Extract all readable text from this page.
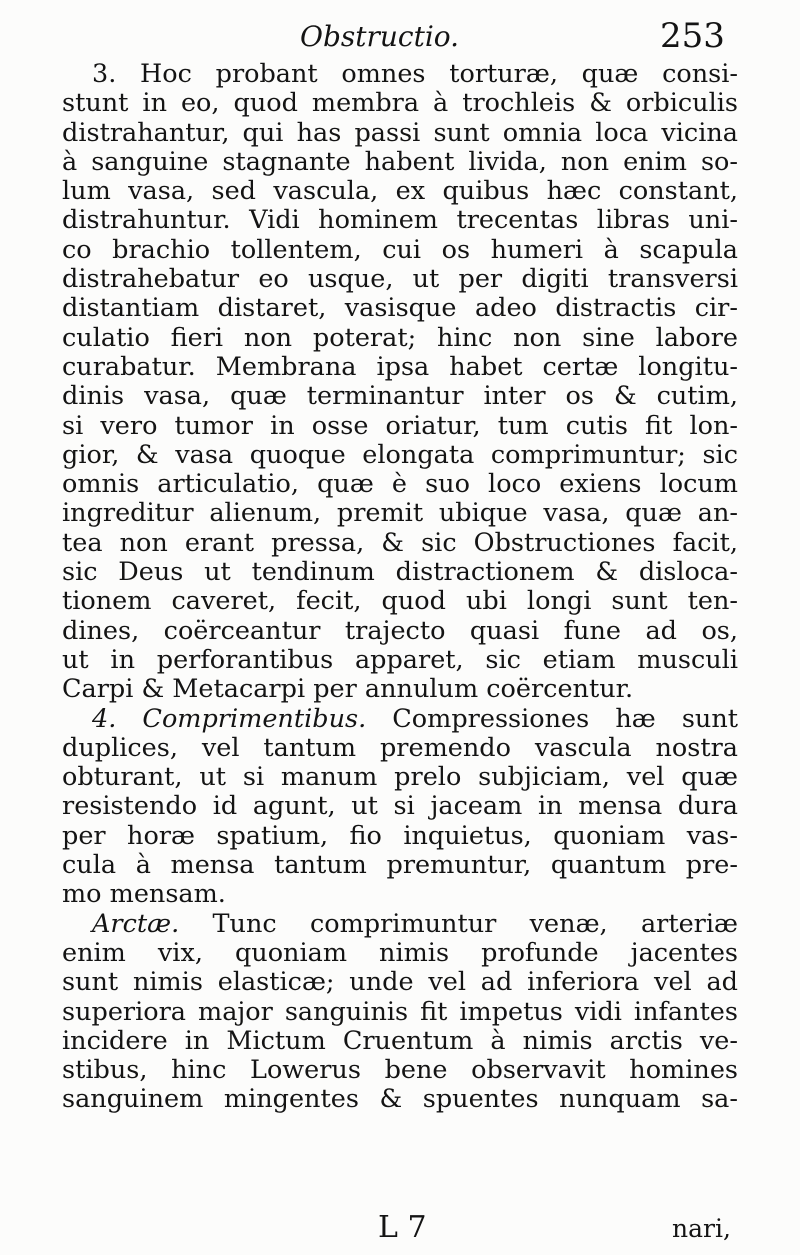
Obstructio.	253
3. Hoc probant omnes torturæ, quæ consi-
stunt in eo, quod membra à trochleis & orbiculis
distrahantur, qui has passi sunt omnia loca vicina
à sanguine stagnante habent livida, non enim so-
lum vasa, sed vascula, ex quibus hæc constant,
distrahuntur. Vidi hominem trecentas libras uni-
co brachio tollentem, cui os humeri à scapula
distrahebatur eo usque, ut per digiti transversi
distantiam distaret, vasisque adeo distractis cir-
culatio fieri non poterat; hinc non sine labore
curabatur. Membrana ipsa habet certæ longitu-
dinis vasa, quæ terminantur inter os & cutim,
si vero tumor in osse oriatur, tum cutis fit lon-
gior, & vasa quoque elongata comprimuntur; sic
omnis articulatio, quæ è suo loco exiens locum
ingreditur alienum, premit ubique vasa, quæ an-
tea non erant pressa, & sic Obstructiones facit,
sic Deus ut tendinum distractionem & disloca-
tionem caveret, fecit, quod ubi longi sunt ten-
dines, coërceantur trajecto quasi fune ad os,
ut in perforantibus apparet, sic etiam musculi
Carpi & Metacarpi per annulum coërcentur.
4. Comprimentibus. Compressiones hæ sunt
duplices, vel tantum premendo vascula nostra
obturant, ut si manum prelo subjiciam, vel quæ
resistendo id agunt, ut si jaceam in mensa dura
per horæ spatium, fio inquietus, quoniam vas-
cula à mensa tantum premuntur, quantum pre-
mo mensam.
Arctæ. Tunc comprimuntur venæ, arteriæ
enim vix, quoniam nimis profunde jacentes
sunt nimis elasticæ; unde vel ad inferiora vel ad
superiora major sanguinis fit impetus vidi infantes
incidere in Mictum Cruentum à nimis arctis ve-
stibus, hinc Lowerus bene observavit homines
sanguinem mingentes & spuentes nunquam sa-
L 7	nari,
